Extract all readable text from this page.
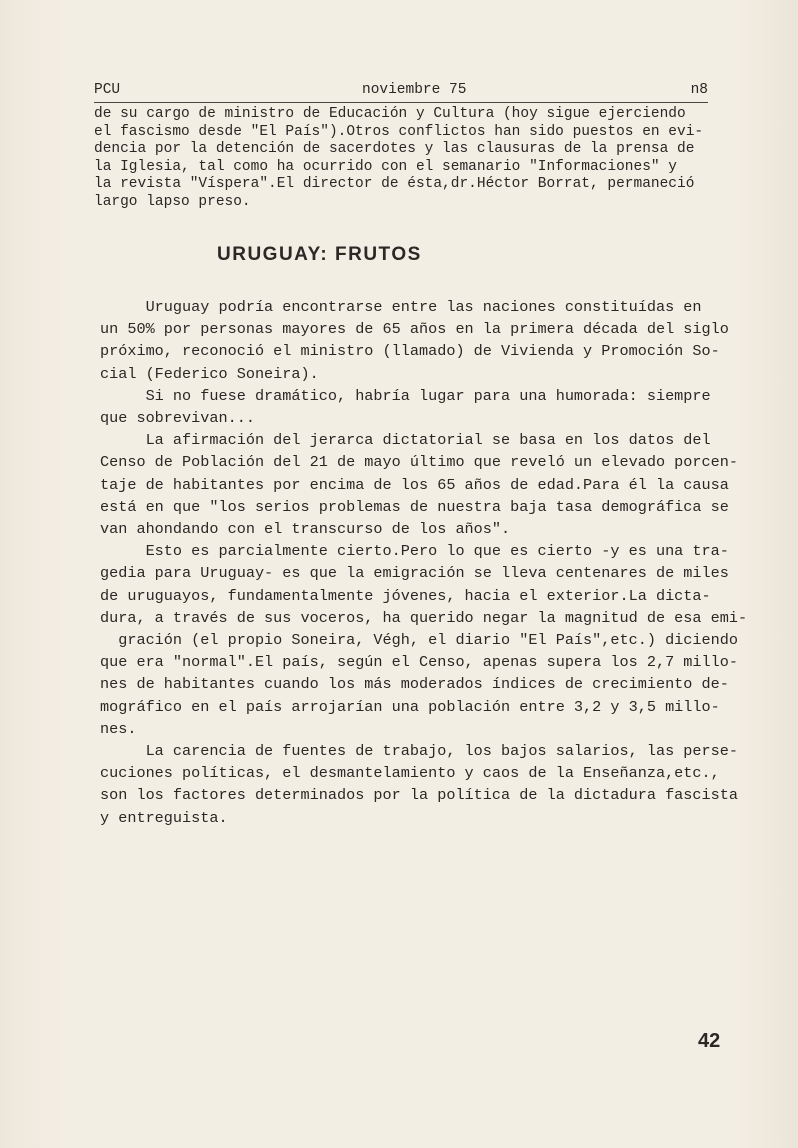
PCU	noviembre 75	n8
de su cargo de ministro de Educación y Cultura (hoy sigue ejerciendo
el fascismo desde "El País").Otros conflictos han sido puestos en evi-
dencia por la detención de sacerdotes y las clausuras de la prensa de
la Iglesia, tal como ha ocurrido con el semanario "Informaciones" y
la revista "Víspera".El director de ésta,dr.Héctor Borrat, permaneció
largo lapso preso.
URUGUAY: FRUTOS
Uruguay podría encontrarse entre las naciones constituídas en
un 50% por personas mayores de 65 años en la primera década del siglo
próximo, reconoció el ministro (llamado) de Vivienda y Promoción So-
cial (Federico Soneira).
Si no fuese dramático, habría lugar para una humorada: siempre
que sobrevivan...
La afirmación del jerarca dictatorial se basa en los datos del
Censo de Población del 21 de mayo último que reveló un elevado porcen-
taje de habitantes por encima de los 65 años de edad.Para él la causa
está en que "los serios problemas de nuestra baja tasa demográfica se
van ahondando con el transcurso de los años".
Esto es parcialmente cierto.Pero lo que es cierto -y es una tra-
gedia para Uruguay- es que la emigración se lleva centenares de miles
de uruguayos, fundamentalmente jóvenes, hacia el exterior.La dicta-
dura, a través de sus voceros, ha querido negar la magnitud de esa emi-
gración (el propio Soneira, Végh, el diario "El País",etc.) diciendo
que era "normal".El país, según el Censo, apenas supera los 2,7 millo-
nes de habitantes cuando los más moderados índices de crecimiento de-
mográfico en el país arrojarían una población entre 3,2 y 3,5 millo-
nes.
La carencia de fuentes de trabajo, los bajos salarios, las perse-
cuciones políticas, el desmantelamiento y caos de la Enseñanza,etc.,
son los factores determinados por la política de la dictadura fascista
y entreguista.
42
